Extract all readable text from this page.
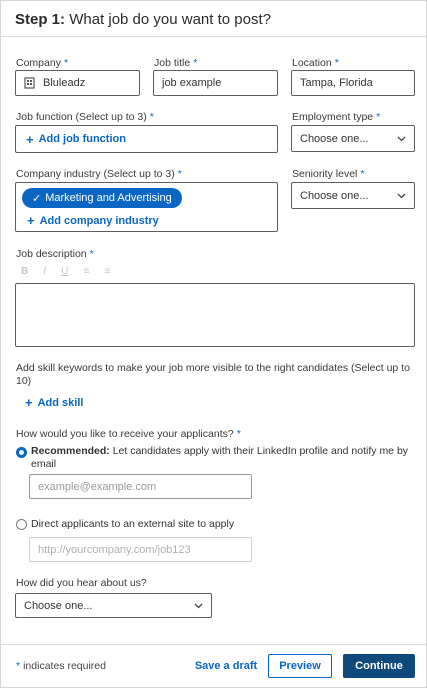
Step 1: What job do you want to post?
Company *
Bluleadz
Job title *
job example
Location *
Tampa, Florida
Job function (Select up to 3) *
+ Add job function
Employment type *
Choose one...
Company industry (Select up to 3) *
✓ Marketing and Advertising
+ Add company industry
Seniority level *
Choose one...
Job description *
B I U ≡ ≡
Add skill keywords to make your job more visible to the right candidates (Select up to 10)
+ Add skill
How would you like to receive your applicants? *
Recommended: Let candidates apply with their LinkedIn profile and notify me by email
example@example.com
Direct applicants to an external site to apply
http://yourcompany.com/job123
How did you hear about us?
Choose one...
* indicates required	Save a draft	Preview	Continue
